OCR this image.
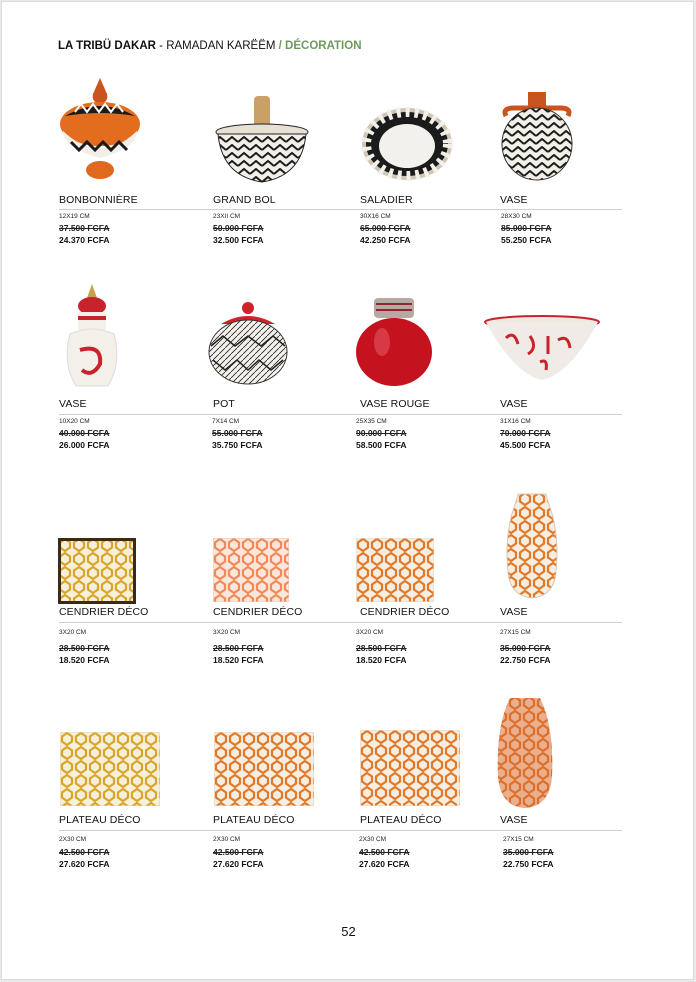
LA TRIBÜ DAKAR - RAMADAN KARËËM / DÉCORATION
BONBONNIÈRE
12X19 CM
37.500 FCFA
24.370 FCFA
GRAND BOL
23XII CM
50.000 FCFA
32.500 FCFA
SALADIER
30X16 CM
65.000 FCFA
42.250 FCFA
VASE
28X30 CM
85.000 FCFA
55.250 FCFA
VASE
10X20 CM
40.000 FCFA
26.000 FCFA
POT
7X14 CM
55.000 FCFA
35.750 FCFA
VASE ROUGE
25X35 CM
90.000 FCFA
58.500 FCFA
VASE
31X16 CM
70.000 FCFA
45.500 FCFA
CENDRIER DÉCO
3X20 CM
28.500 FCFA
18.520 FCFA
CENDRIER DÉCO
3X20 CM
28.500 FCFA
18.520 FCFA
CENDRIER DÉCO
3X20 CM
28.500 FCFA
18.520 FCFA
VASE
27X15 CM
35.000 FCFA
22.750 FCFA
PLATEAU DÉCO
2X30 CM
42.500 FCFA
27.620 FCFA
PLATEAU DÉCO
2X30 CM
42.500 FCFA
27.620 FCFA
PLATEAU DÉCO
2X30 CM
42.500 FCFA
27.620 FCFA
VASE
27X15 CM
35.000 FCFA
22.750 FCFA
52
